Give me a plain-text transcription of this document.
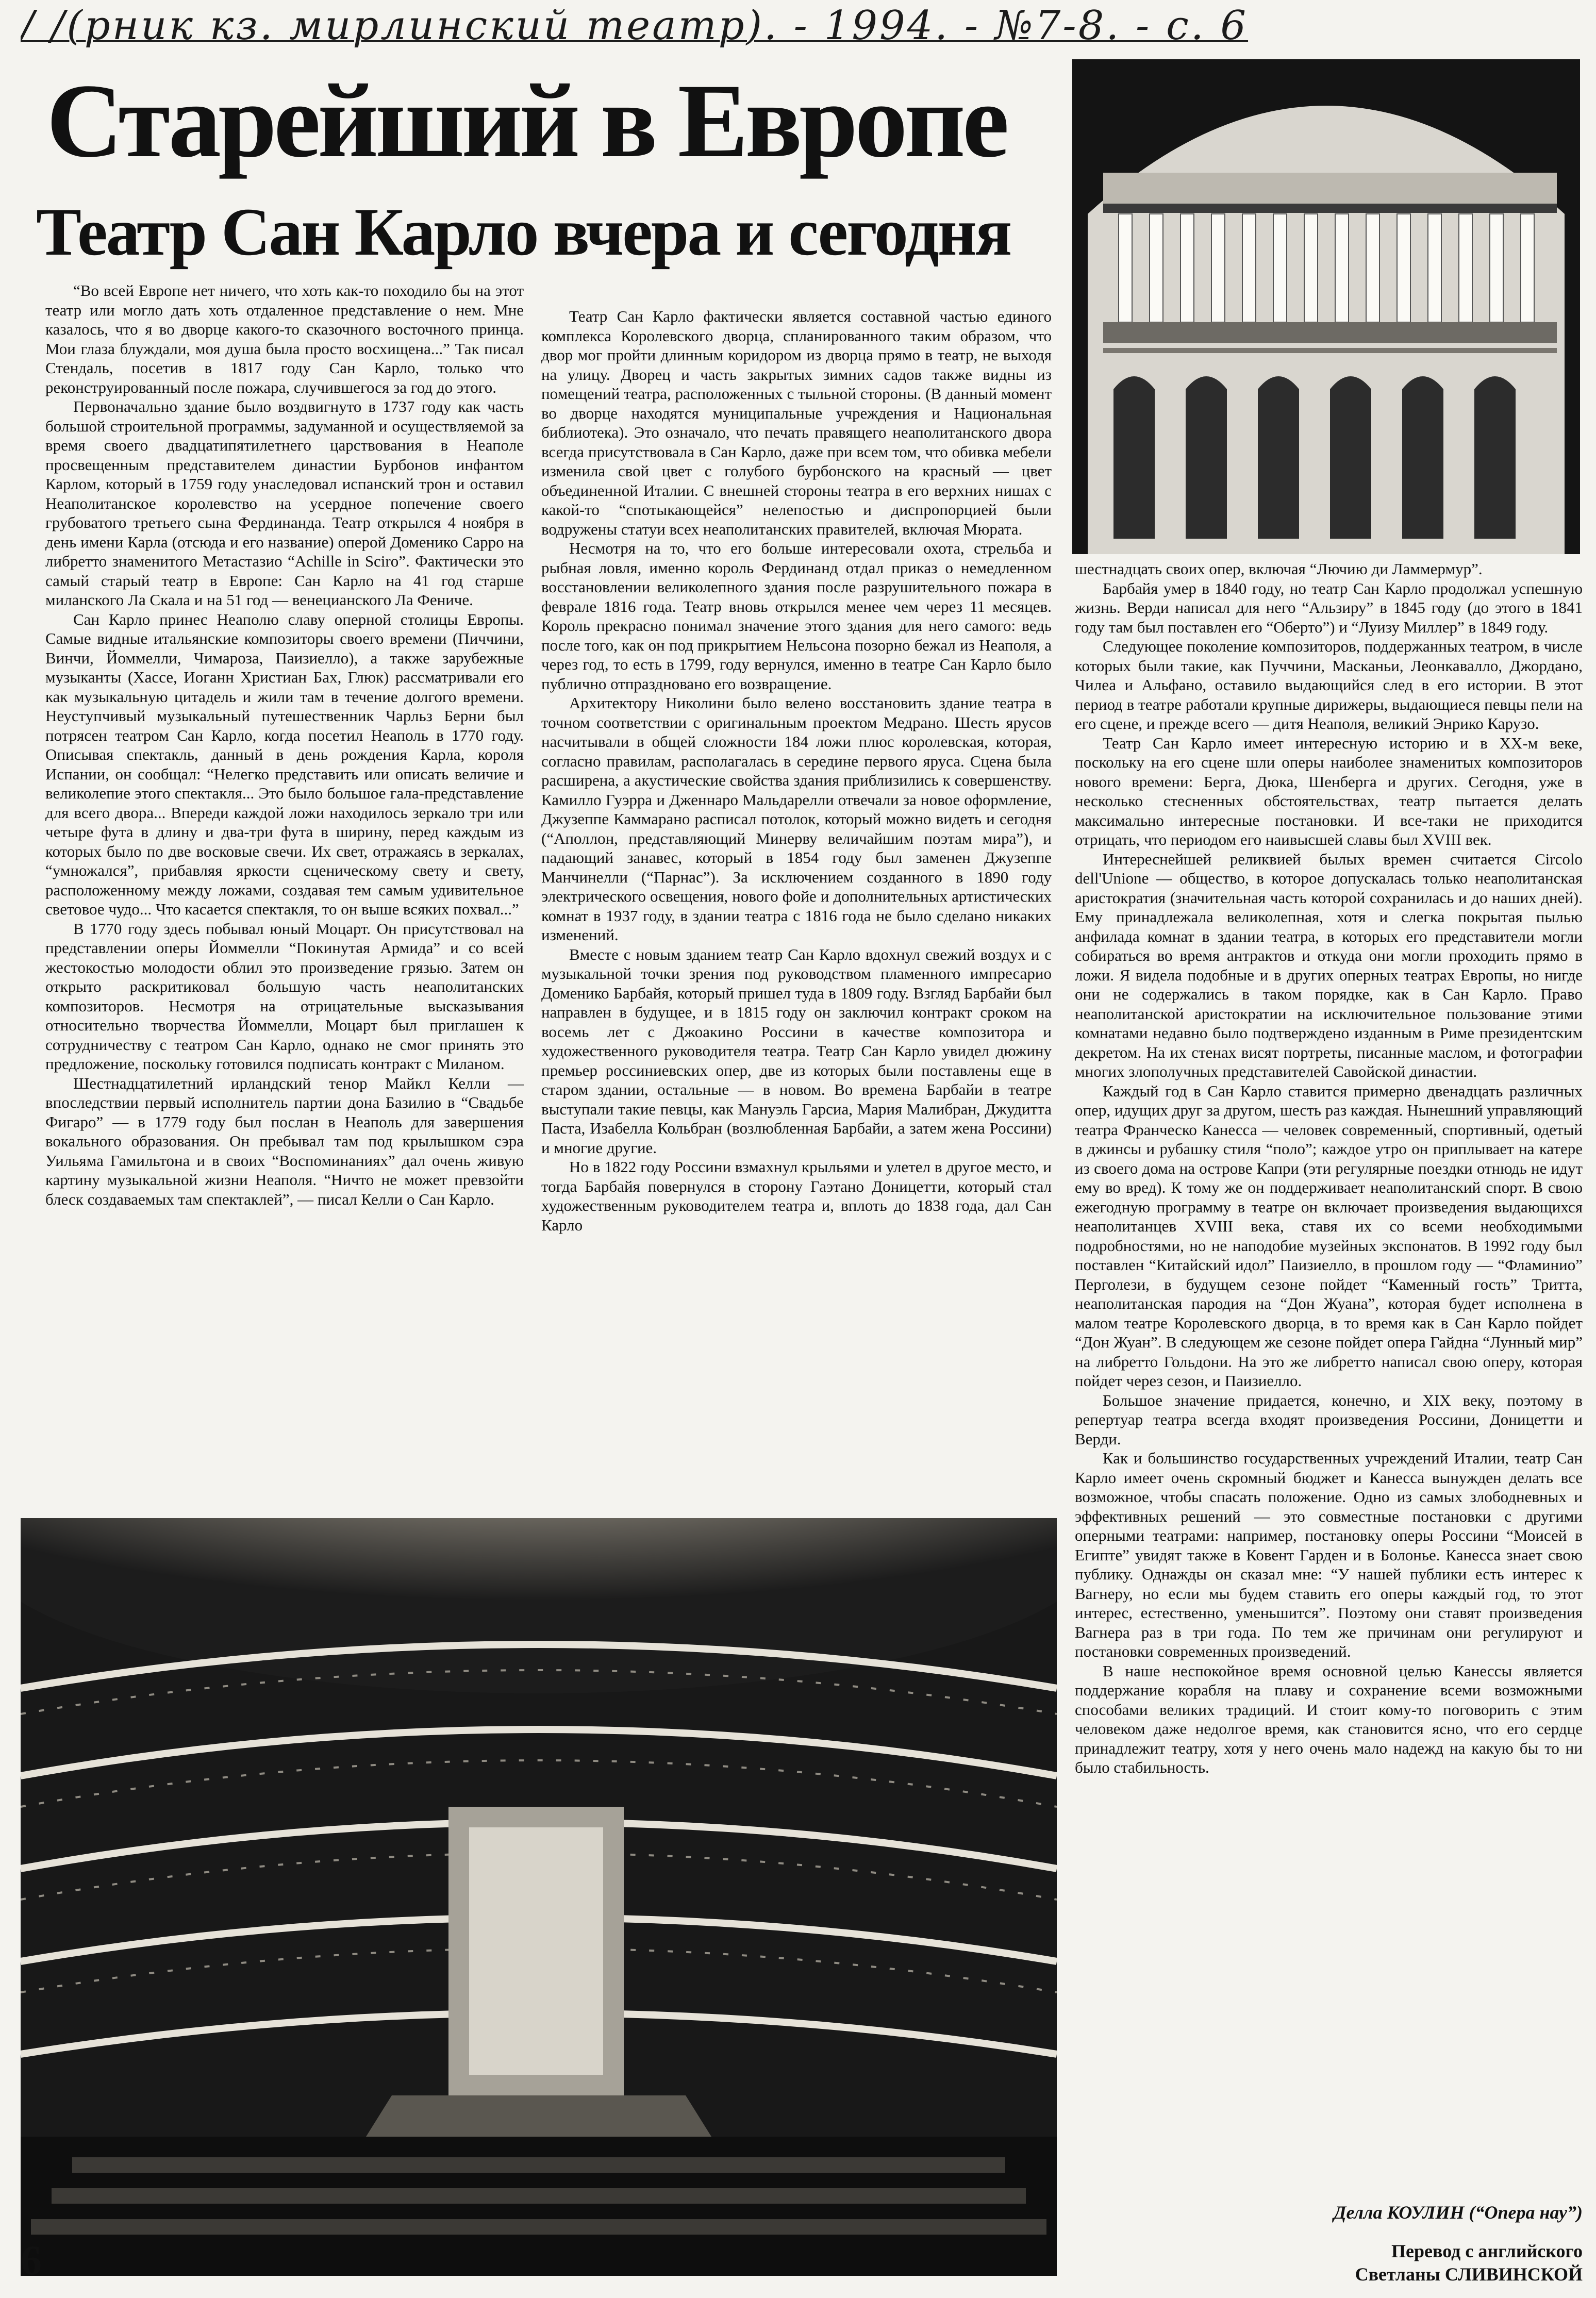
/ /(рник кз. мирлинский театр). - 1994. - №7-8. - с. 6
Старейший в Европе
Театр Сан Карло вчера и сегодня

“Во всей Европе нет ничего, что хоть как-то походило бы на этот театр или могло дать хоть отдаленное представление о нем. Мне казалось, что я во дворце какого-то сказочного восточного принца. Мои глаза блуждали, моя душа была просто восхищена...” Так писал Стендаль, посетив в 1817 году Сан Карло, только что реконструированный после пожара, случившегося за год до этого.

Первоначально здание было воздвигнуто в 1737 году как часть большой строительной программы, задуманной и осуществляемой за время своего двадцатипятилетнего царствования в Неаполе просвещенным представителем династии Бурбонов инфантом Карлом, который в 1759 году унаследовал испанский трон и оставил Неаполитанское королевство на усердное попечение своего грубоватого третьего сына Фердинанда. Театр открылся 4 ноября в день имени Карла (отсюда и его название) оперой Доменико Сарро на либретто знаменитого Метастазио “Achille in Sciro”. Фактически это самый старый театр в Европе: Сан Карло на 41 год старше миланского Ла Скала и на 51 год — венецианского Ла Фениче.

Сан Карло принес Неаполю славу оперной столицы Европы. Самые видные итальянские композиторы своего времени (Пиччини, Винчи, Йоммелли, Чимароза, Паизиелло), а также зарубежные музыканты (Хассе, Иоганн Христиан Бах, Глюк) рассматривали его как музыкальную цитадель и жили там в течение долгого времени. Неуступчивый музыкальный путешественник Чарльз Берни был потрясен театром Сан Карло, когда посетил Неаполь в 1770 году. Описывая спектакль, данный в день рождения Карла, короля Испании, он сообщал: “Нелегко представить или описать величие и великолепие этого спектакля... Это было большое гала-представление для всего двора... Впереди каждой ложи находилось зеркало три или четыре фута в длину и два-три фута в ширину, перед каждым из которых было по две восковые свечи. Их свет, отражаясь в зеркалах, “умножался”, прибавляя яркости сценическому свету и свету, расположенному между ложами, создавая тем самым удивительное световое чудо... Что касается спектакля, то он выше всяких похвал...”

В 1770 году здесь побывал юный Моцарт. Он присутствовал на представлении оперы Йоммелли “Покинутая Армида” и со всей жестокостью молодости облил это произведение грязью. Затем он открыто раскритиковал большую часть неаполитанских композиторов. Несмотря на отрицательные высказывания относительно творчества Йоммелли, Моцарт был приглашен к сотрудничеству с театром Сан Карло, однако не смог принять это предложение, поскольку готовился подписать контракт с Миланом.

Шестнадцатилетний ирландский тенор Майкл Келли — впоследствии первый исполнитель партии дона Базилио в “Свадьбе Фигаро” — в 1779 году был послан в Неаполь для завершения вокального образования. Он пребывал там под крылышком сэра Уильяма Гамильтона и в своих “Воспоминаниях” дал очень живую картину музыкальной жизни Неаполя. “Ничто не может превзойти блеск создаваемых там спектаклей”, — писал Келли о Сан Карло.

Театр Сан Карло фактически является составной частью единого комплекса Королевского дворца, спланированного таким образом, что двор мог пройти длинным коридором из дворца прямо в театр, не выходя на улицу. Дворец и часть закрытых зимних садов также видны из помещений театра, расположенных с тыльной стороны. (В данный момент во дворце находятся муниципальные учреждения и Национальная библиотека). Это означало, что печать правящего неаполитанского двора всегда присутствовала в Сан Карло, даже при всем том, что обивка мебели изменила свой цвет с голубого бурбонского на красный — цвет объединенной Италии. С внешней стороны театра в его верхних нишах с какой-то “спотыкающейся” нелепостью и диспропорцией были водружены статуи всех неаполитанских правителей, включая Мюрата.

Несмотря на то, что его больше интересовали охота, стрельба и рыбная ловля, именно король Фердинанд отдал приказ о немедленном восстановлении великолепного здания после разрушительного пожара в феврале 1816 года. Театр вновь открылся менее чем через 11 месяцев. Король прекрасно понимал значение этого здания для него самого: ведь после того, как он под прикрытием Нельсона позорно бежал из Неаполя, а через год, то есть в 1799, году вернулся, именно в театре Сан Карло было публично отпраздновано его возвращение.

Архитектору Николини было велено восстановить здание театра в точном соответствии с оригинальным проектом Медрано. Шесть ярусов насчитывали в общей сложности 184 ложи плюс королевская, которая, согласно правилам, располагалась в середине первого яруса. Сцена была расширена, а акустические свойства здания приблизились к совершенству. Камилло Гуэрра и Дженнаро Мальдарелли отвечали за новое оформление, Джузеппе Каммарано расписал потолок, который можно видеть и сегодня (“Аполлон, представляющий Минерву величайшим поэтам мира”), и падающий занавес, который в 1854 году был заменен Джузеппе Манчинелли (“Парнас”). За исключением созданного в 1890 году электрического освещения, нового фойе и дополнительных артистических комнат в 1937 году, в здании театра с 1816 года не было сделано никаких изменений.

Вместе с новым зданием театр Сан Карло вдохнул свежий воздух и с музыкальной точки зрения под руководством пламенного импресарио Доменико Барбайя, который пришел туда в 1809 году. Взгляд Барбайи был направлен в будущее, и в 1815 году он заключил контракт сроком на восемь лет с Джоакино Россини в качестве композитора и художественного руководителя театра. Театр Сан Карло увидел дюжину премьер россиниевских опер, две из которых были поставлены еще в старом здании, остальные — в новом. Во времена Барбайи в театре выступали такие певцы, как Мануэль Гарсиа, Мария Малибран, Джудитта Паста, Изабелла Кольбран (возлюбленная Барбайи, а затем жена Россини) и многие другие.

Но в 1822 году Россини взмахнул крыльями и улетел в другое место, и тогда Барбайя повернулся в сторону Гаэтано Доницетти, который стал художественным руководителем театра и, вплоть до 1838 года, дал Сан Карло

шестнадцать своих опер, включая “Лючию ди Ламмермур”.

Барбайя умер в 1840 году, но театр Сан Карло продолжал успешную жизнь. Верди написал для него “Альзиру” в 1845 году (до этого в 1841 году там был поставлен его “Оберто”) и “Луизу Миллер” в 1849 году.

Следующее поколение композиторов, поддержанных театром, в числе которых были такие, как Пуччини, Масканьи, Леонкавалло, Джордано, Чилеа и Альфано, оставило выдающийся след в его истории. В этот период в театре работали крупные дирижеры, выдающиеся певцы пели на его сцене, и прежде всего — дитя Неаполя, великий Энрико Карузо.

Театр Сан Карло имеет интересную историю и в XX-м веке, поскольку на его сцене шли оперы наиболее знаменитых композиторов нового времени: Берга, Дюка, Шенберга и других. Сегодня, уже в несколько стесненных обстоятельствах, театр пытается делать максимально интересные постановки. И все-таки не приходится отрицать, что периодом его наивысшей славы был XVIII век.

Интереснейшей реликвией былых времен считается Circolo dell'Unione — общество, в которое допускалась только неаполитанская аристократия (значительная часть которой сохранилась и до наших дней). Ему принадлежала великолепная, хотя и слегка покрытая пылью анфилада комнат в здании театра, в которых его представители могли собираться во время антрактов и откуда они могли проходить прямо в ложи. Я видела подобные и в других оперных театрах Европы, но нигде они не содержались в таком порядке, как в Сан Карло. Право неаполитанской аристократии на исключительное пользование этими комнатами недавно было подтверждено изданным в Риме президентским декретом. На их стенах висят портреты, писанные маслом, и фотографии многих злополучных представителей Савойской династии.

Каждый год в Сан Карло ставится примерно двенадцать различных опер, идущих друг за другом, шесть раз каждая. Нынешний управляющий театра Франческо Канесса — человек современный, спортивный, одетый в джинсы и рубашку стиля “поло”; каждое утро он приплывает на катере из своего дома на острове Капри (эти регулярные поездки отнюдь не идут ему во вред). К тому же он поддерживает неаполитанский спорт. В свою ежегодную программу в театре он включает произведения выдающихся неаполитанцев XVIII века, ставя их со всеми необходимыми подробностями, но не наподобие музейных экспонатов. В 1992 году был поставлен “Китайский идол” Паизиелло, в прошлом году — “Фламинио” Перголези, в будущем сезоне пойдет “Каменный гость” Тритта, неаполитанская пародия на “Дон Жуана”, которая будет исполнена в малом театре Королевского дворца, в то время как в Сан Карло пойдет “Дон Жуан”. В следующем же сезоне пойдет опера Гайдна “Лунный мир” на либретто Гольдони. На это же либретто написал свою оперу, которая пойдет через сезон, и Паизиелло.

Большое значение придается, конечно, и XIX веку, поэтому в репертуар театра всегда входят произведения Россини, Доницетти и Верди.

Как и большинство государственных учреждений Италии, театр Сан Карло имеет очень скромный бюджет и Канесса вынужден делать все возможное, чтобы спасать положение. Одно из самых злободневных и эффективных решений — это совместные постановки с другими оперными театрами: например, постановку оперы Россини “Моисей в Египте” увидят также в Ковент Гарден и в Болонье. Канесса знает свою публику. Однажды он сказал мне: “У нашей публики есть интерес к Вагнеру, но если мы будем ставить его оперы каждый год, то этот интерес, естественно, уменьшится”. Поэтому они ставят произведения Вагнера раз в три года. По тем же причинам они регулируют и постановки современных произведений.

В наше неспокойное время основной целью Канессы является поддержание корабля на плаву и сохранение всеми возможными способами великих традиций. И стоит кому-то поговорить с этим человеком даже недолгое время, как становится ясно, что его сердце принадлежит театру, хотя у него очень мало надежд на какую бы то ни было стабильность.

6
Делла КОУЛИН (“Опера нау”)
Перевод с английского
Светланы СЛИВИНСКОЙ
